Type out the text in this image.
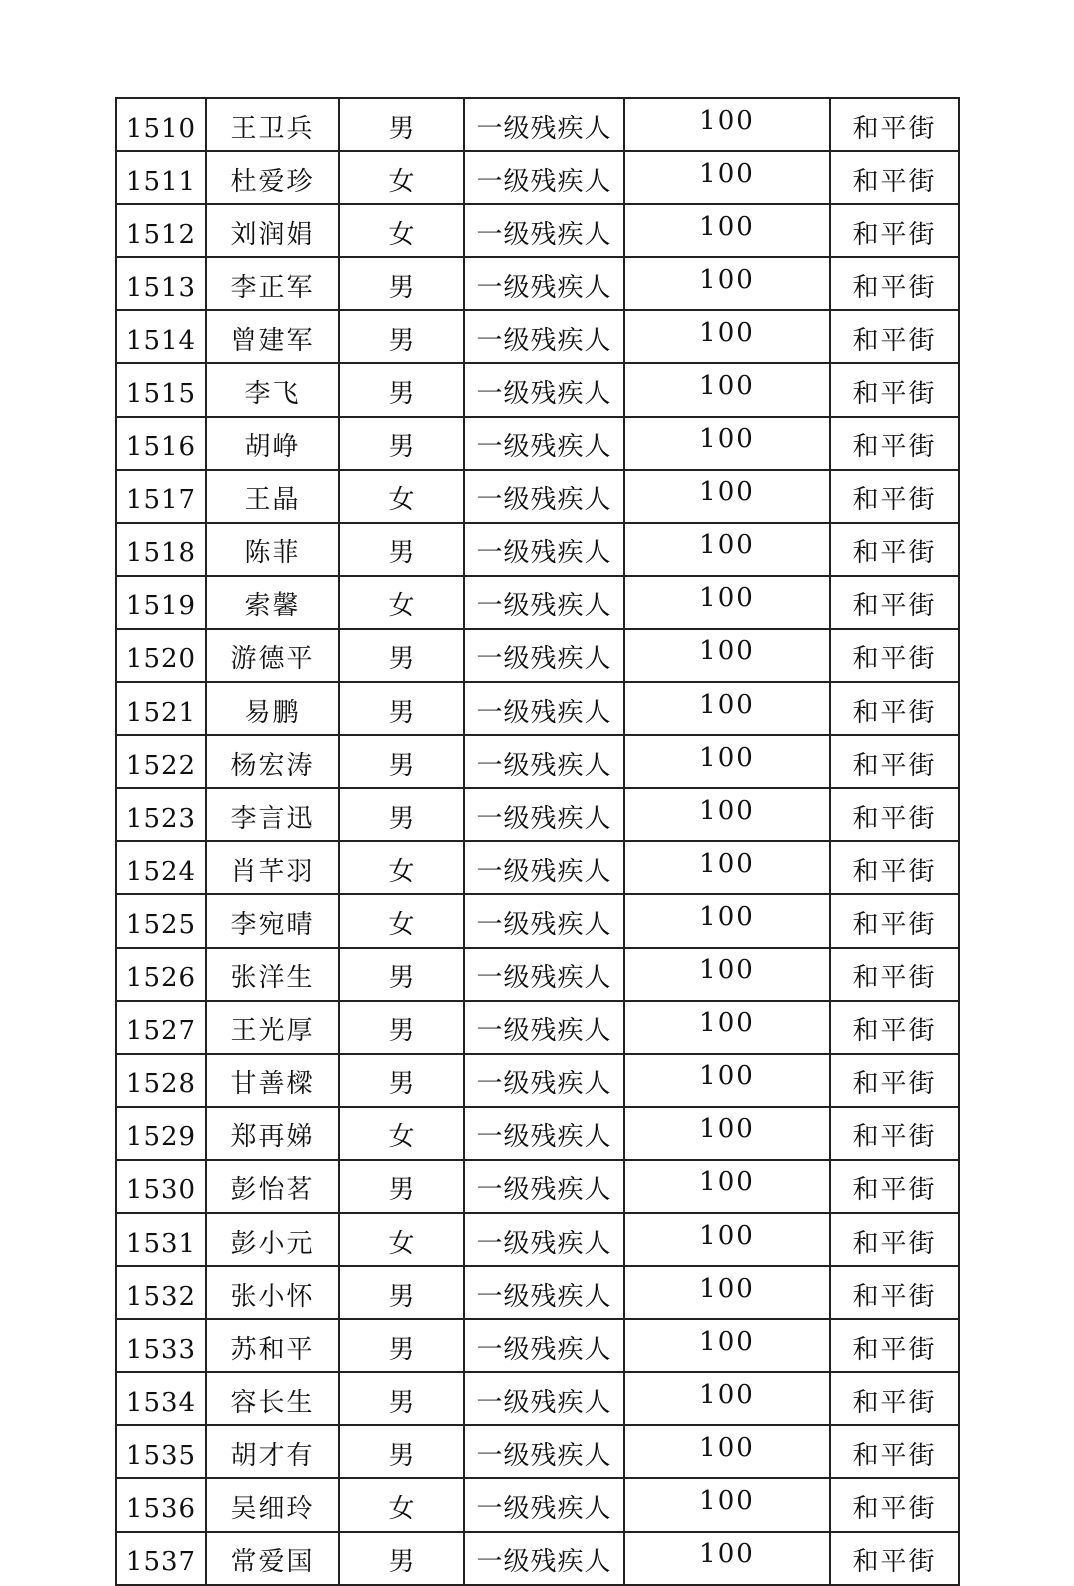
1510	王卫兵	男	一级残疾人	100	和平街
1511	杜爱珍	女	一级残疾人	100	和平街
1512	刘润娟	女	一级残疾人	100	和平街
1513	李正军	男	一级残疾人	100	和平街
1514	曾建军	男	一级残疾人	100	和平街
1515	李飞	男	一级残疾人	100	和平街
1516	胡峥	男	一级残疾人	100	和平街
1517	王晶	女	一级残疾人	100	和平街
1518	陈菲	男	一级残疾人	100	和平街
1519	索馨	女	一级残疾人	100	和平街
1520	游德平	男	一级残疾人	100	和平街
1521	易鹏	男	一级残疾人	100	和平街
1522	杨宏涛	男	一级残疾人	100	和平街
1523	李言迅	男	一级残疾人	100	和平街
1524	肖芊羽	女	一级残疾人	100	和平街
1525	李宛晴	女	一级残疾人	100	和平街
1526	张洋生	男	一级残疾人	100	和平街
1527	王光厚	男	一级残疾人	100	和平街
1528	甘善樑	男	一级残疾人	100	和平街
1529	郑再娣	女	一级残疾人	100	和平街
1530	彭怡茗	男	一级残疾人	100	和平街
1531	彭小元	女	一级残疾人	100	和平街
1532	张小怀	男	一级残疾人	100	和平街
1533	苏和平	男	一级残疾人	100	和平街
1534	容长生	男	一级残疾人	100	和平街
1535	胡才有	男	一级残疾人	100	和平街
1536	吴细玲	女	一级残疾人	100	和平街
1537	常爱国	男	一级残疾人	100	和平街
